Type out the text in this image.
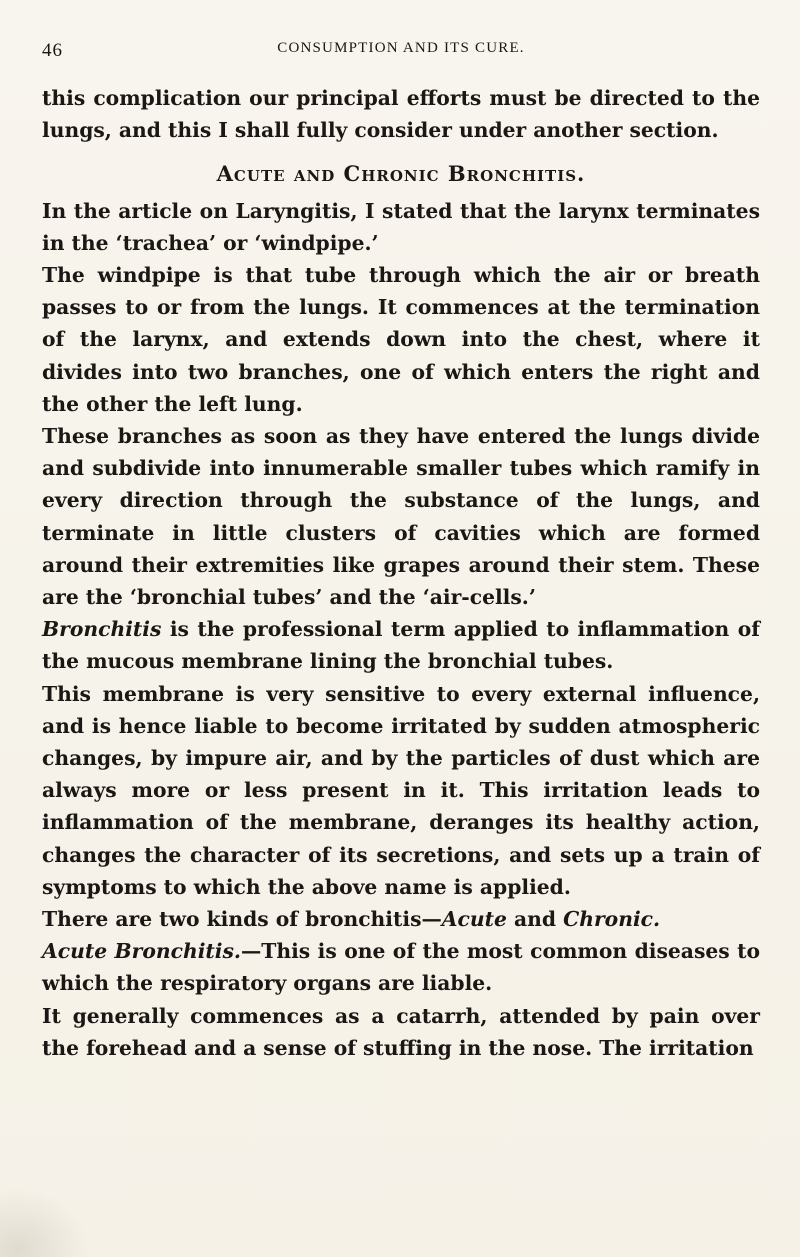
46	CONSUMPTION AND ITS CURE.

this complication our principal efforts must be directed to the lungs, and this I shall fully consider under another section.

Acute and Chronic Bronchitis.

In the article on Laryngitis, I stated that the larynx terminates in the ‘trachea’ or ‘windpipe.’

The windpipe is that tube through which the air or breath passes to or from the lungs. It commences at the termination of the larynx, and extends down into the chest, where it divides into two branches, one of which enters the right and the other the left lung.

These branches as soon as they have entered the lungs divide and subdivide into innumerable smaller tubes which ramify in every direction through the substance of the lungs, and terminate in little clusters of cavities which are formed around their extremities like grapes around their stem. These are the ‘bronchial tubes’ and the ‘air-cells.’

Bronchitis is the professional term applied to inflammation of the mucous membrane lining the bronchial tubes.

This membrane is very sensitive to every external influence, and is hence liable to become irritated by sudden atmospheric changes, by impure air, and by the particles of dust which are always more or less present in it. This irritation leads to inflammation of the membrane, deranges its healthy action, changes the character of its secretions, and sets up a train of symptoms to which the above name is applied.

There are two kinds of bronchitis—Acute and Chronic.

Acute Bronchitis.—This is one of the most common diseases to which the respiratory organs are liable.

It generally commences as a catarrh, attended by pain over the forehead and a sense of stuffing in the nose. The irritation
